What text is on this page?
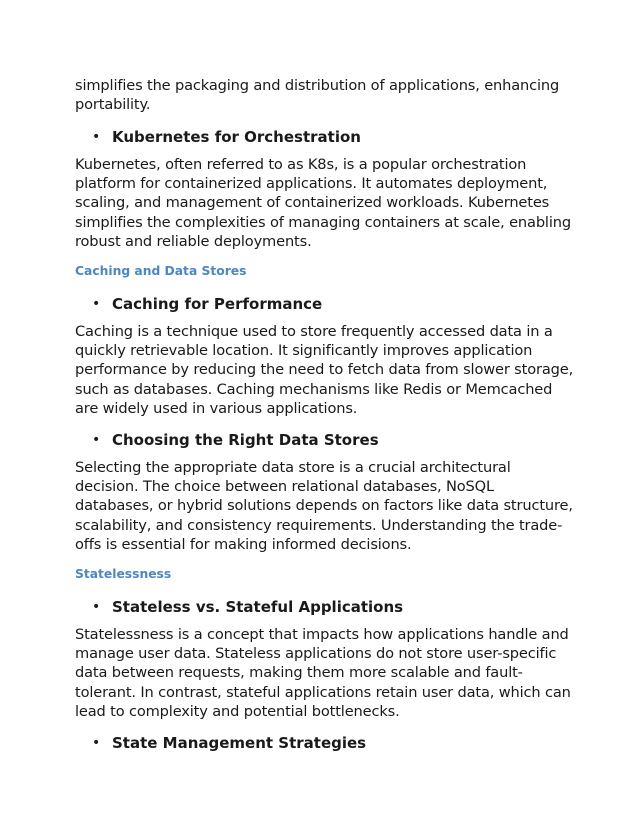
simplifies the packaging and distribution of applications, enhancing portability.

• Kubernetes for Orchestration

Kubernetes, often referred to as K8s, is a popular orchestration platform for containerized applications. It automates deployment, scaling, and management of containerized workloads. Kubernetes simplifies the complexities of managing containers at scale, enabling robust and reliable deployments.

Caching and Data Stores

• Caching for Performance

Caching is a technique used to store frequently accessed data in a quickly retrievable location. It significantly improves application performance by reducing the need to fetch data from slower storage, such as databases. Caching mechanisms like Redis or Memcached are widely used in various applications.

• Choosing the Right Data Stores

Selecting the appropriate data store is a crucial architectural decision. The choice between relational databases, NoSQL databases, or hybrid solutions depends on factors like data structure, scalability, and consistency requirements. Understanding the trade-offs is essential for making informed decisions.

Statelessness

• Stateless vs. Stateful Applications

Statelessness is a concept that impacts how applications handle and manage user data. Stateless applications do not store user-specific data between requests, making them more scalable and fault-tolerant. In contrast, stateful applications retain user data, which can lead to complexity and potential bottlenecks.

• State Management Strategies
